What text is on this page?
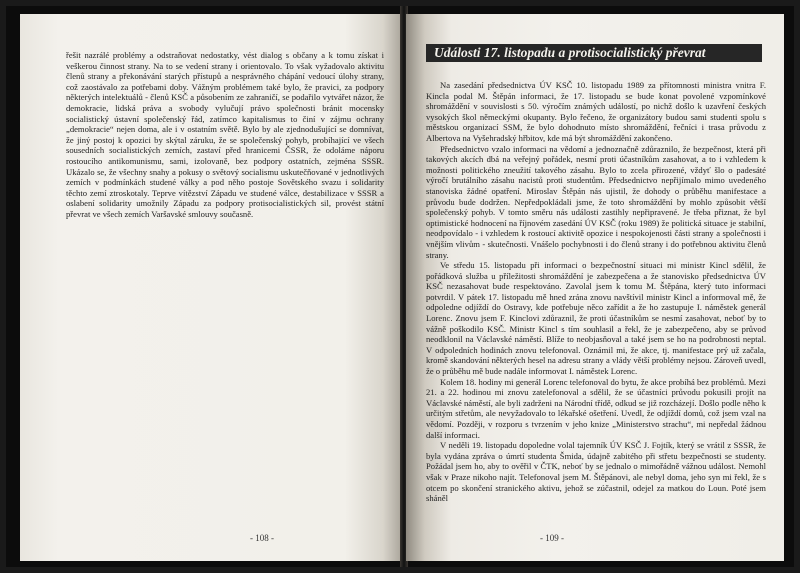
řešit nazrálé problémy a odstraňovat nedostatky, vést dialog s občany a k tomu získat i veškerou činnost strany. Na to se vedení strany i orientovalo. To však vyžadovalo aktivitu členů strany a překonávání starých přístupů a nesprávného chápání vedoucí úlohy strany, což zaostávalo za potřebami doby. Vážným problémem také bylo, že pravici, za podpory některých intelektuálů - členů KSČ a působením ze zahraničí, se podařilo vytvářet názor, že demokracie, lidská práva a svobody vylučují právo společnosti bránit mocensky socialistický ústavní společenský řád, zatímco kapitalismus to činí v zájmu ochrany „demokracie“ nejen doma, ale i v ostatním světě. Bylo by ale zjednodušující se domnívat, že jiný postoj k opozici by skýtal záruku, že se společenský pohyb, probíhající ve všech sousedních socialistických zemích, zastaví před hranicemi ČSSR, že odoláme náporu rostoucího antikomunismu, sami, izolovaně, bez podpory ostatních, zejména SSSR. Ukázalo se, že všechny snahy a pokusy o světový socialismu uskutečňované v jednotlivých zemích v podmínkách studené války a pod něho postoje Sovětského svazu i solidarity těchto zemí ztroskotaly. Teprve vítězství Západu ve studené válce, destabilizace v SSSR a oslabení solidarity umožnily Západu za podpory protisocialistických sil, provést státní převrat ve všech zemích Varšavské smlouvy současně.

- 108 -
Události 17. listopadu a protisocialistický převrat

Na zasedání předsednictva ÚV KSČ 10. listopadu 1989 za přítomnosti ministra vnitra F. Kincla podal M. Štěpán informaci, že 17. listopadu se bude konat povolené vzpomínkové shromáždění v souvislosti s 50. výročím známých událostí, po nichž došlo k uzavření českých vysokých škol německými okupanty. Bylo řečeno, že organizátory budou sami studenti spolu s městskou organizací SSM, že bylo dohodnuto místo shromáždění, řečníci i trasa průvodu z Albertova na Vyšehradský hřbitov, kde má být shromáždění zakončeno.

Předsednictvo vzalo informaci na vědomí a jednoznačně zdůraznilo, že bezpečnost, která při takových akcích dbá na veřejný pořádek, nesmí proti účastníkům zasahovat, a to i vzhledem k možnosti politického zneužití takového zásahu. Bylo to zcela přirozené, vždyť šlo o padesáté výročí brutálního zásahu nacistů proti studentům. Předsednictvo nepřijímalo mimo uvedeného stanoviska žádné opatření. Miroslav Štěpán nás ujistil, že dohody o průběhu manifestace a průvodu bude dodržen. Nepředpokládali jsme, že toto shromáždění by mohlo způsobit větší společenský pohyb. V tomto směru nás události zastihly nepřipravené. Je třeba přiznat, že byl optimistické hodnocení na říjnovém zasedání ÚV KSČ (roku 1989) že politická situace je stabilní, neodpovídalo - i vzhledem k rostoucí aktivitě opozice i nespokojenosti části strany a společnosti i vnějším vlivům - skutečnosti. Vnášelo pochybnosti i do členů strany i do potřebnou aktivitu členů strany.

Ve středu 15. listopadu při informaci o bezpečnostní situaci mi ministr Kincl sdělil, že pořádková služba u příležitosti shromáždění je zabezpečena a že stanovisko předsednictva ÚV KSČ nezasahovat bude respektováno. Zavolal jsem k tomu M. Štěpána, který tuto informaci potvrdil. V pátek 17. listopadu mě hned zrána znovu navštívil ministr Kincl a informoval mě, že odpoledne odjíždí do Ostravy, kde potřebuje něco zařídit a že ho zastupuje I. náměstek generál Lorenc. Znovu jsem F. Kinclovi zdůraznil, že proti účastníkům se nesmí zasahovat, neboť by to vážně poškodilo KSČ. Ministr Kincl s tím souhlasil a řekl, že je zabezpečeno, aby se průvod neodklonil na Václavské náměstí. Blíže to neobjasňoval a také jsem se ho na podrobnosti neptal. V odpoledních hodinách znovu telefonoval. Oznámil mi, že akce, tj. manifestace prý už začala, kromě skandování některých hesel na adresu strany a vlády větší problémy nejsou. Zároveň uvedl, že o průběhu mě bude nadále informovat I. náměstek Lorenc.

Kolem 18. hodiny mi generál Lorenc telefonoval do bytu, že akce probíhá bez problémů. Mezi 21. a 22. hodinou mi znovu zatelefonoval a sdělil, že se účastníci průvodu pokusili projít na Václavské náměstí, ale byli zadrženi na Národní třídě, odkud se již rozcházejí. Došlo podle něho k určitým střetům, ale nevyžadovalo to lékařské ošetření. Uvedl, že odjíždí domů, což jsem vzal na vědomí. Později, v rozporu s tvrzením v jeho knize „Ministerstvo strachu“, mi nepředal žádnou další informaci.

V neděli 19. listopadu dopoledne volal tajemník ÚV KSČ J. Fojtík, který se vrátil z SSSR, že byla vydána zpráva o úmrtí studenta Šmida, údajně zabitého při střetu bezpečnosti se studenty. Požádal jsem ho, aby to ověřil v ČTK, neboť by se jednalo o mimořádně vážnou událost. Nemohl však v Praze nikoho najít. Telefonoval jsem M. Štěpánovi, ale nebyl doma, jeho syn mi řekl, že s otcem po skončení stranického aktivu, jehož se zúčastnil, odejel za matkou do Loun. Poté jsem sháněl

- 109 -
